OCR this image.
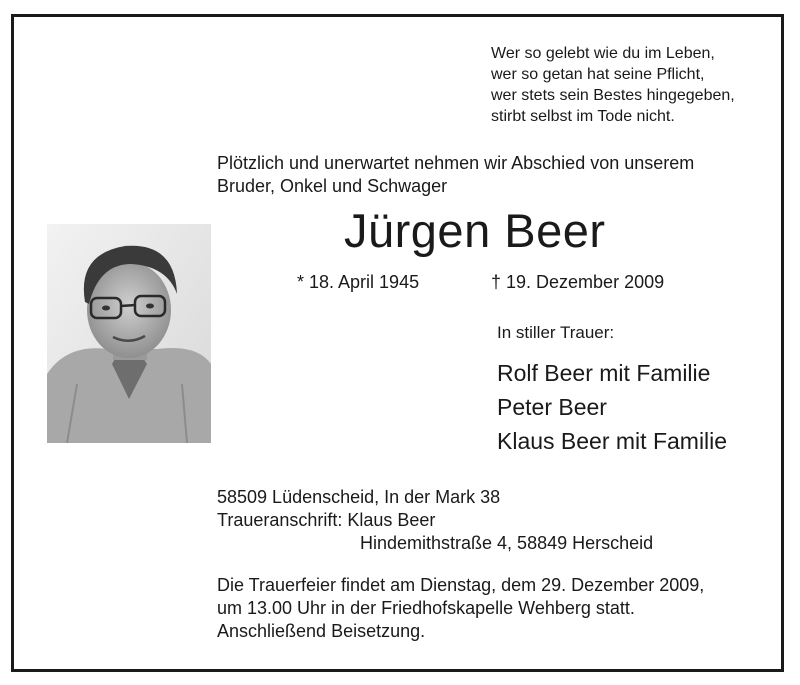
Wer so gelebt wie du im Leben,
wer so getan hat seine Pflicht,
wer stets sein Bestes hingegeben,
stirbt selbst im Tode nicht.
Plötzlich und unerwartet nehmen wir Abschied von unserem
Bruder, Onkel und Schwager
Jürgen Beer
* 18. April 1945	† 19. Dezember 2009
In stiller Trauer:
Rolf Beer mit Familie
Peter Beer
Klaus Beer mit Familie
58509 Lüdenscheid, In der Mark 38
Traueranschrift: Klaus Beer
Hindemithstraße 4, 58849 Herscheid
Die Trauerfeier findet am Dienstag, dem 29. Dezember 2009,
um 13.00 Uhr in der Friedhofskapelle Wehberg statt.
Anschließend Beisetzung.
